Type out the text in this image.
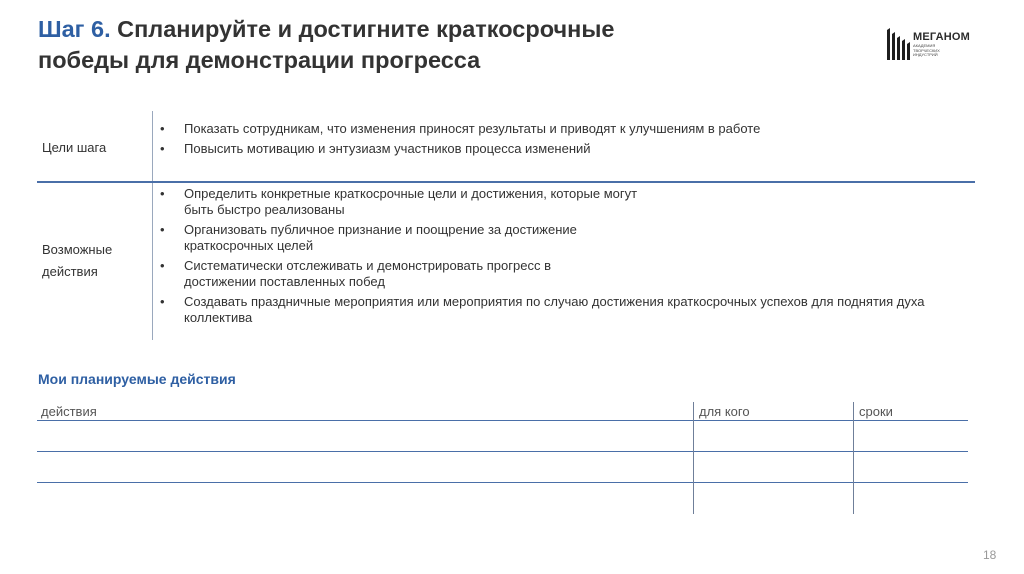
Шаг 6. Спланируйте и достигните краткосрочные
победы для демонстрации прогресса
МЕГАНОМ
АКАДЕМИЯ ТВОРЧЕСКИХ ИНДУСТРИЙ
Цели шага
• Показать сотрудникам, что изменения приносят результаты и приводят к улучшениям в работе
• Повысить мотивацию и энтузиазм участников процесса изменений
Возможные действия
• Определить конкретные краткосрочные цели и достижения, которые могут быть быстро реализованы
• Организовать публичное признание и поощрение за достижение краткосрочных целей
• Систематически отслеживать и демонстрировать прогресс в достижении поставленных побед
• Создавать праздничные мероприятия или мероприятия по случаю достижения краткосрочных успехов для поднятия духа коллектива
Мои планируемые действия
действия	для кого	сроки
18
